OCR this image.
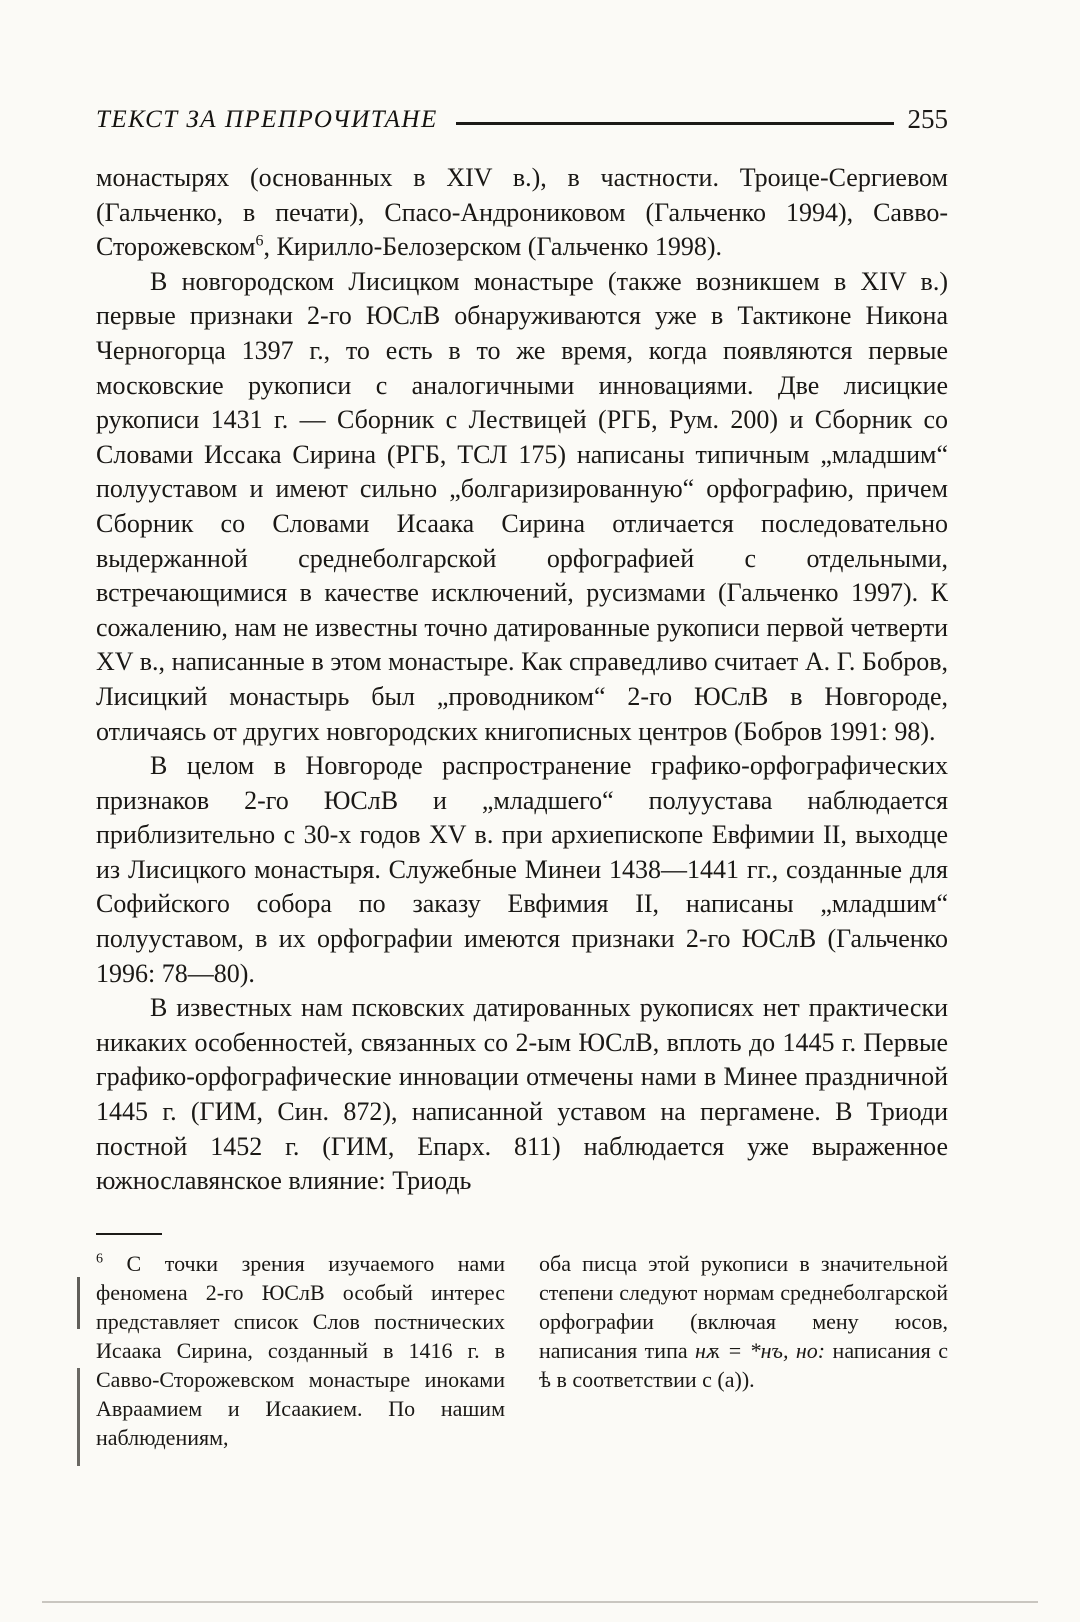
ТЕКСТ ЗА ПРЕПРОЧИТАНЕ	255

монастырях (основанных в XIV в.), в частности. Троице-Сергиевом (Гальченко, в печати), Спасо-Андрониковом (Гальченко 1994), Савво-Сторожевском$^6$, Кирилло-Белозерском (Гальченко 1998).

В новгородском Лисицком монастыре (также возникшем в XIV в.) первые признаки 2-го ЮСлВ обнаруживаются уже в Тактиконе Никона Черногорца 1397 г., то есть в то же время, когда появляются первые московские рукописи с аналогичными инновациями. Две лисицкие рукописи 1431 г. — Сборник с Лествицей (РГБ, Рум. 200) и Сборник со Словами Иссака Сирина (РГБ, ТСЛ 175) написаны типичным „младшим“ полууставом и имеют сильно „болгаризированную“ орфографию, причем Сборник со Словами Исаака Сирина отличается последовательно выдержанной среднеболгарской орфографией с отдельными, встречающимися в качестве исключений, русизмами (Гальченко 1997). К сожалению, нам не известны точно датированные рукописи первой четверти XV в., написанные в этом монастыре. Как справедливо считает А. Г. Бобров, Лисицкий монастырь был „проводником“ 2-го ЮСлВ в Новгороде, отличаясь от других новгородских книгописных центров (Бобров 1991: 98).

В целом в Новгороде распространение графико-орфографических признаков 2-го ЮСлВ и „младшего“ полуустава наблюдается приблизительно с 30-х годов XV в. при архиепископе Евфимии II, выходце из Лисицкого монастыря. Служебные Минеи 1438—1441 гг., созданные для Софийского собора по заказу Евфимия II, написаны „младшим“ полууставом, в их орфографии имеются признаки 2-го ЮСлВ (Гальченко 1996: 78—80).

В известных нам псковских датированных рукописях нет практически никаких особенностей, связанных со 2-ым ЮСлВ, вплоть до 1445 г. Первые графико-орфографические инновации отмечены нами в Минее праздничной 1445 г. (ГИМ, Син. 872), написанной уставом на пергамене. В Триоди постной 1452 г. (ГИМ, Епарх. 811) наблюдается уже выраженное южнославянское влияние: Триодь

$^6$ С точки зрения изучаемого нами феномена 2-го ЮСлВ особый интерес представляет список Слов постнических Исаака Сирина, созданный в 1416 г. в Савво-Сторожевском монастыре иноками Авраамием и Исаакием. По нашим наблюдениям,

оба писца этой рукописи в значительной степени следуют нормам среднеболгарской орфографии (включая мену юсов, написания типа нѫ = *нъ, но: написания с ѣ в соответствии с (а)).
